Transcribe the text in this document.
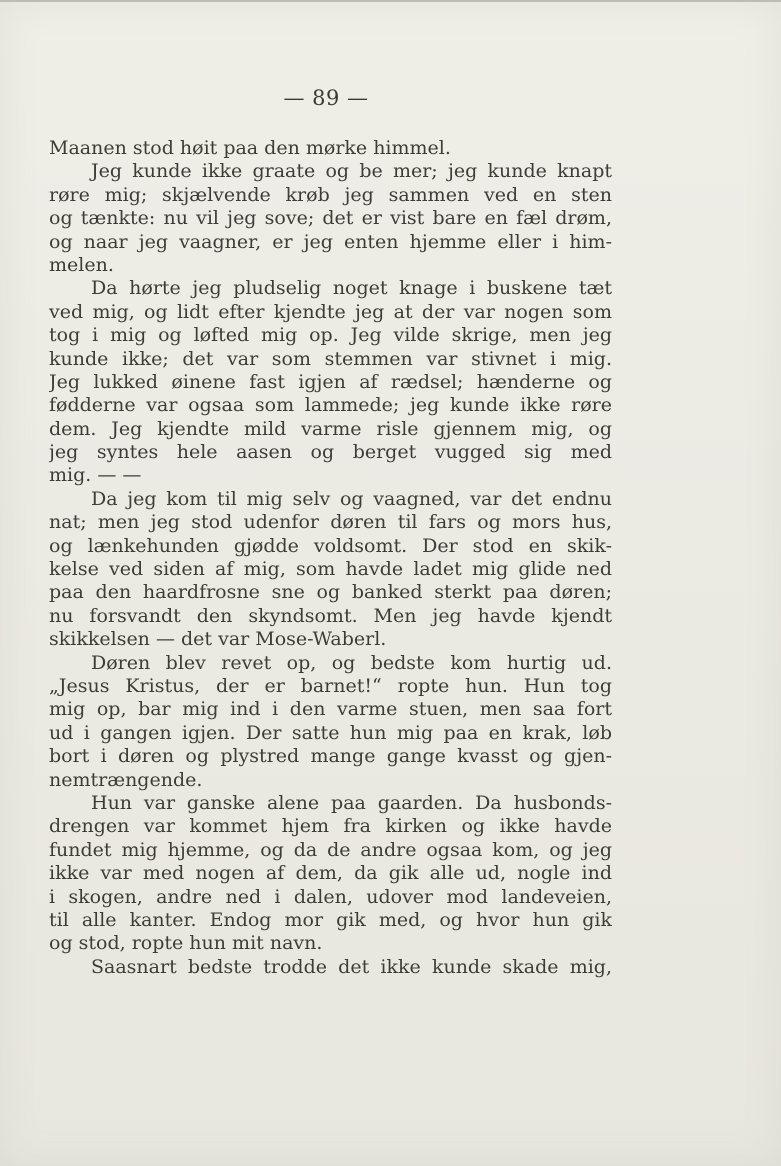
— 89 —
Maanen stod høit paa den mørke himmel.
Jeg kunde ikke graate og be mer; jeg kunde knapt
røre mig; skjælvende krøb jeg sammen ved en sten
og tænkte: nu vil jeg sove; det er vist bare en fæl drøm,
og naar jeg vaagner, er jeg enten hjemme eller i him-
melen.
Da hørte jeg pludselig noget knage i buskene tæt
ved mig, og lidt efter kjendte jeg at der var nogen som
tog i mig og løfted mig op. Jeg vilde skrige, men jeg
kunde ikke; det var som stemmen var stivnet i mig.
Jeg lukked øinene fast igjen af rædsel; hænderne og
fødderne var ogsaa som lammede; jeg kunde ikke røre
dem. Jeg kjendte mild varme risle gjennem mig, og
jeg syntes hele aasen og berget vugged sig med
mig. — —
Da jeg kom til mig selv og vaagned, var det endnu
nat; men jeg stod udenfor døren til fars og mors hus,
og lænkehunden gjødde voldsomt. Der stod en skik-
kelse ved siden af mig, som havde ladet mig glide ned
paa den haardfrosne sne og banked sterkt paa døren;
nu forsvandt den skyndsomt. Men jeg havde kjendt
skikkelsen — det var Mose-Waberl.
Døren blev revet op, og bedste kom hurtig ud.
„Jesus Kristus, der er barnet!“ ropte hun. Hun tog
mig op, bar mig ind i den varme stuen, men saa fort
ud i gangen igjen. Der satte hun mig paa en krak, løb
bort i døren og plystred mange gange kvasst og gjen-
nemtrængende.
Hun var ganske alene paa gaarden. Da husbonds-
drengen var kommet hjem fra kirken og ikke havde
fundet mig hjemme, og da de andre ogsaa kom, og jeg
ikke var med nogen af dem, da gik alle ud, nogle ind
i skogen, andre ned i dalen, udover mod landeveien,
til alle kanter. Endog mor gik med, og hvor hun gik
og stod, ropte hun mit navn.
Saasnart bedste trodde det ikke kunde skade mig,
